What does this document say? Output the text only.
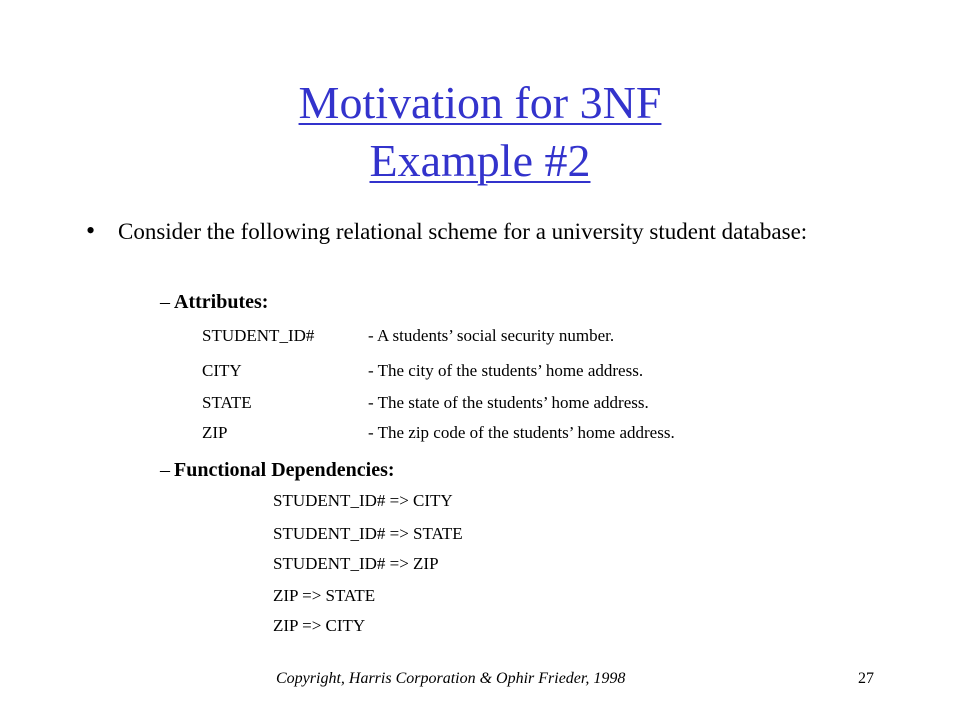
Motivation for 3NF
Example #2
• Consider the following relational scheme for a university student database:
– Attributes:
STUDENT_ID#	- A students’ social security number.
CITY	- The city of the students’ home address.
STATE	- The state of the students’ home address.
ZIP	- The zip code of the students’ home address.
– Functional Dependencies:
STUDENT_ID# => CITY
STUDENT_ID# => STATE
STUDENT_ID# => ZIP
ZIP => STATE
ZIP => CITY
Copyright, Harris Corporation & Ophir Frieder, 1998	27
